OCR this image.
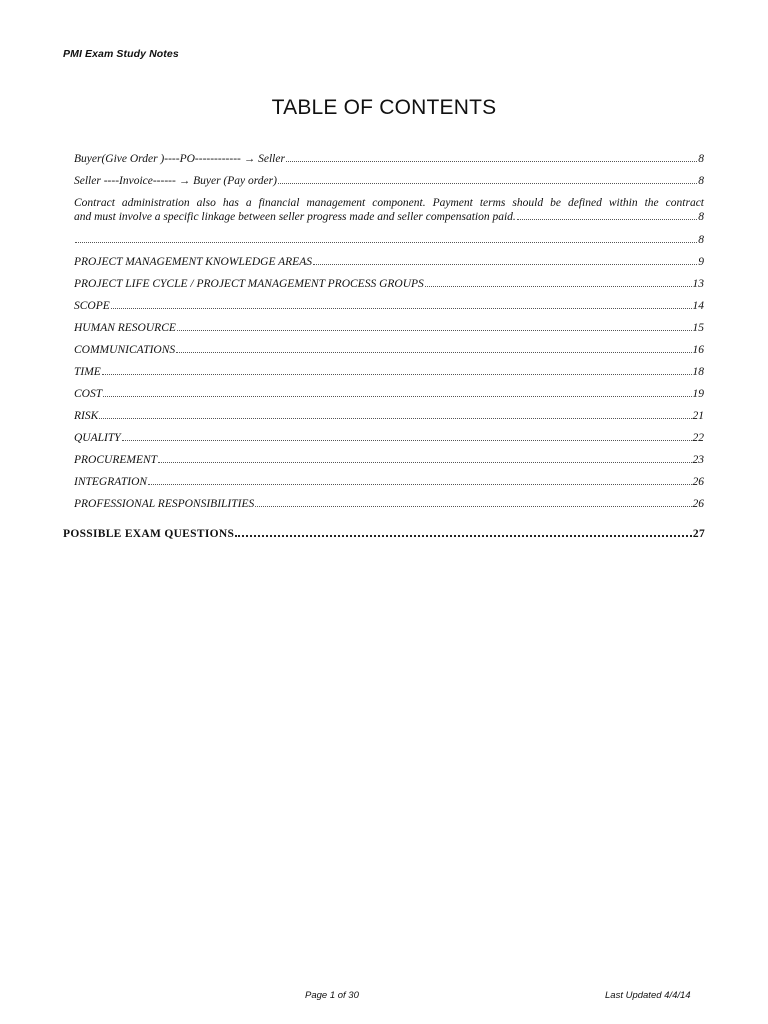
PMI Exam Study Notes
TABLE OF CONTENTS
Buyer(Give Order )----PO------------ → Seller	8
Seller ----Invoice------ → Buyer (Pay order)	8
Contract administration also has a financial management component. Payment terms should be defined within the contract
and must involve a specific linkage between seller progress made and seller compensation paid.	8
8
PROJECT MANAGEMENT KNOWLEDGE AREAS	9
PROJECT LIFE CYCLE / PROJECT MANAGEMENT PROCESS GROUPS	13
SCOPE	14
HUMAN RESOURCE	15
COMMUNICATIONS	16
TIME	18
COST	19
RISK	21
QUALITY	22
PROCUREMENT	23
INTEGRATION	26
PROFESSIONAL RESPONSIBILITIES	26
POSSIBLE EXAM QUESTIONS	27
Page 1 of 30	Last Updated 4/4/14
